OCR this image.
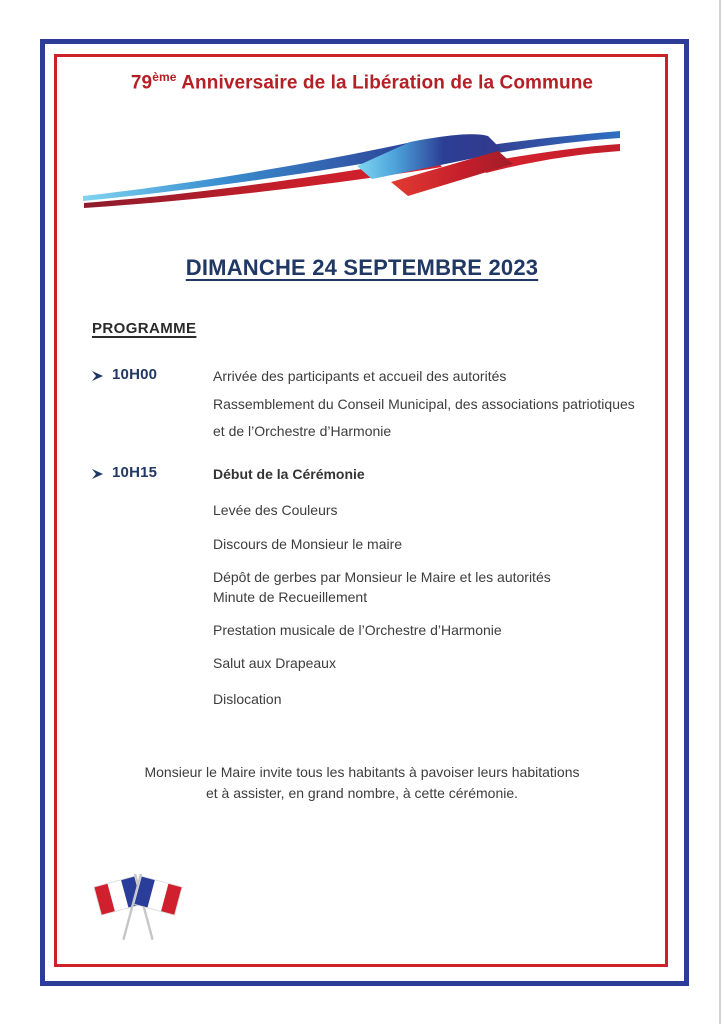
79ème Anniversaire de la Libération de la Commune
DIMANCHE 24 SEPTEMBRE 2023
PROGRAMME
10H00	Arrivée des participants et accueil des autorités
Rassemblement du Conseil Municipal, des associations patriotiques
et de l’Orchestre d’Harmonie
10H15	Début de la Cérémonie
Levée des Couleurs
Discours de Monsieur le maire
Dépôt de gerbes par Monsieur le Maire et les autorités
Minute de Recueillement
Prestation musicale de l’Orchestre d’Harmonie
Salut aux Drapeaux
Dislocation

Monsieur le Maire invite tous les habitants à pavoiser leurs habitations
et à assister, en grand nombre, à cette cérémonie.
